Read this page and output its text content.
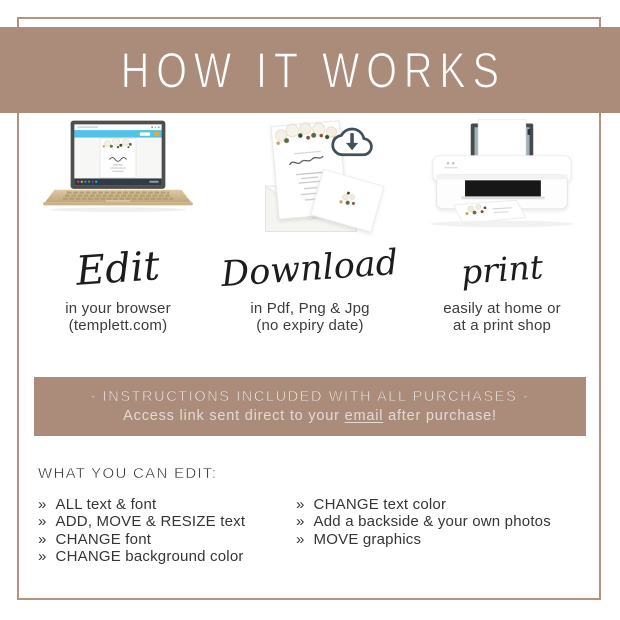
HOW IT WORKS
Edit
in your browser
(templett.com)
Download
in Pdf, Png & Jpg
(no expiry date)
print
easily at home or
at a print shop
- INSTRUCTIONS INCLUDED WITH ALL PURCHASES -
Access link sent direct to your email after purchase!
WHAT YOU CAN EDIT:
» ALL text & font
» ADD, MOVE & RESIZE text
» CHANGE font
» CHANGE background color
» CHANGE text color
» Add a backside & your own photos
» MOVE graphics
